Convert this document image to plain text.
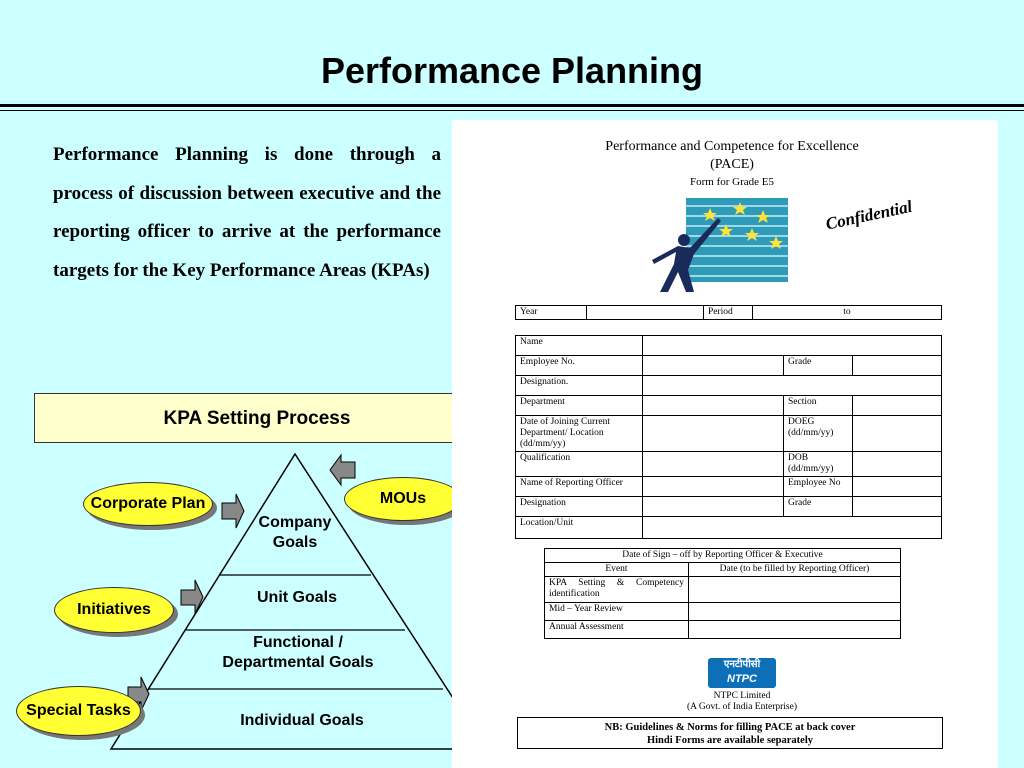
Performance Planning
Performance Planning is done through a process of discussion between executive and the reporting officer to arrive at the performance targets for the Key Performance Areas (KPAs)
KPA Setting Process
Company Goals
Unit Goals
Functional / Departmental Goals
Individual Goals
Corporate Plan	MOUs
Initiatives
Special Tasks
Performance and Competence for Excellence
(PACE)
Form for Grade E5
Confidential
Year		Period	to
Name			
Employee No.		Grade	
Designation.			
Department		Section	
Date of Joining Current Department/ Location (dd/mm/yy)		DOEG (dd/mm/yy)	
Qualification		DOB (dd/mm/yy)	
Name of Reporting Officer		Employee No	
Designation		Grade	
Location/Unit			
Date of Sign – off by Reporting Officer & Executive	
Event	Date (to be filled by Reporting Officer)
KPA Setting & Competency identification	
Mid – Year Review	
Annual Assessment	
एनटीपीसी
NTPC
NTPC Limited
(A Govt. of India Enterprise)
NB: Guidelines & Norms for filling PACE at back cover
Hindi Forms are available separately
